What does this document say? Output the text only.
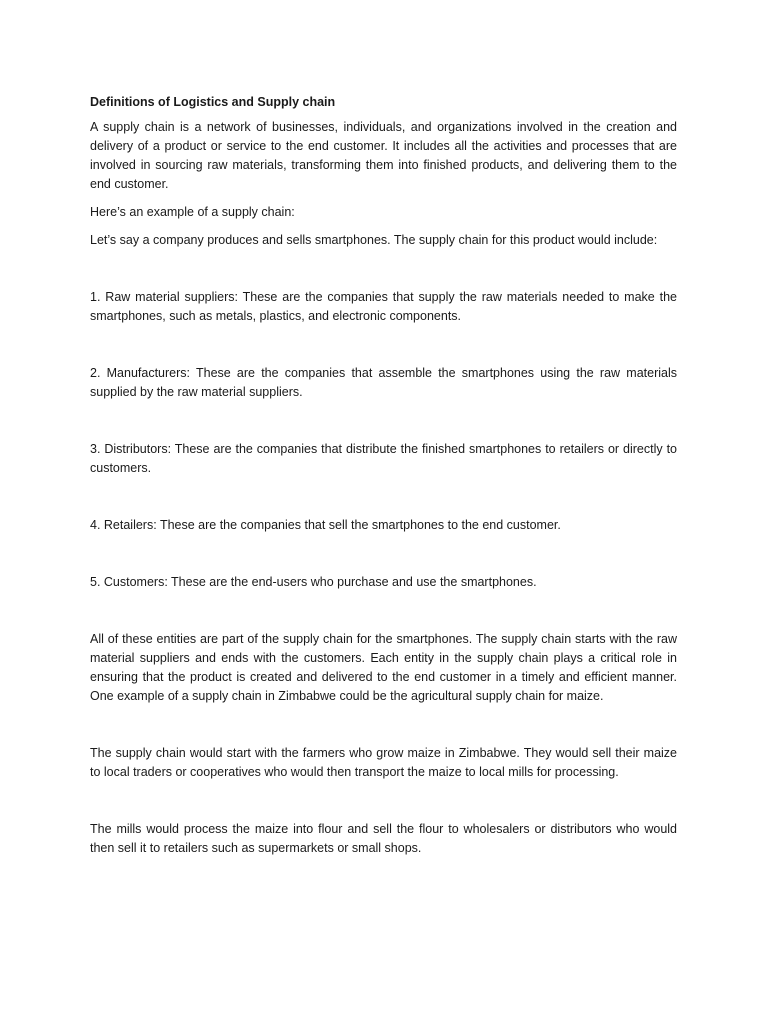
Definitions of Logistics and Supply chain

A supply chain is a network of businesses, individuals, and organizations involved in the creation and delivery of a product or service to the end customer. It includes all the activities and processes that are involved in sourcing raw materials, transforming them into finished products, and delivering them to the end customer.

Here’s an example of a supply chain:

Let’s say a company produces and sells smartphones. The supply chain for this product would include:

1. Raw material suppliers: These are the companies that supply the raw materials needed to make the smartphones, such as metals, plastics, and electronic components.

2. Manufacturers: These are the companies that assemble the smartphones using the raw materials supplied by the raw material suppliers.

3. Distributors: These are the companies that distribute the finished smartphones to retailers or directly to customers.

4. Retailers: These are the companies that sell the smartphones to the end customer.

5. Customers: These are the end-users who purchase and use the smartphones.

All of these entities are part of the supply chain for the smartphones. The supply chain starts with the raw material suppliers and ends with the customers. Each entity in the supply chain plays a critical role in ensuring that the product is created and delivered to the end customer in a timely and efficient manner. One example of a supply chain in Zimbabwe could be the agricultural supply chain for maize.

The supply chain would start with the farmers who grow maize in Zimbabwe. They would sell their maize to local traders or cooperatives who would then transport the maize to local mills for processing.

The mills would process the maize into flour and sell the flour to wholesalers or distributors who would then sell it to retailers such as supermarkets or small shops.
